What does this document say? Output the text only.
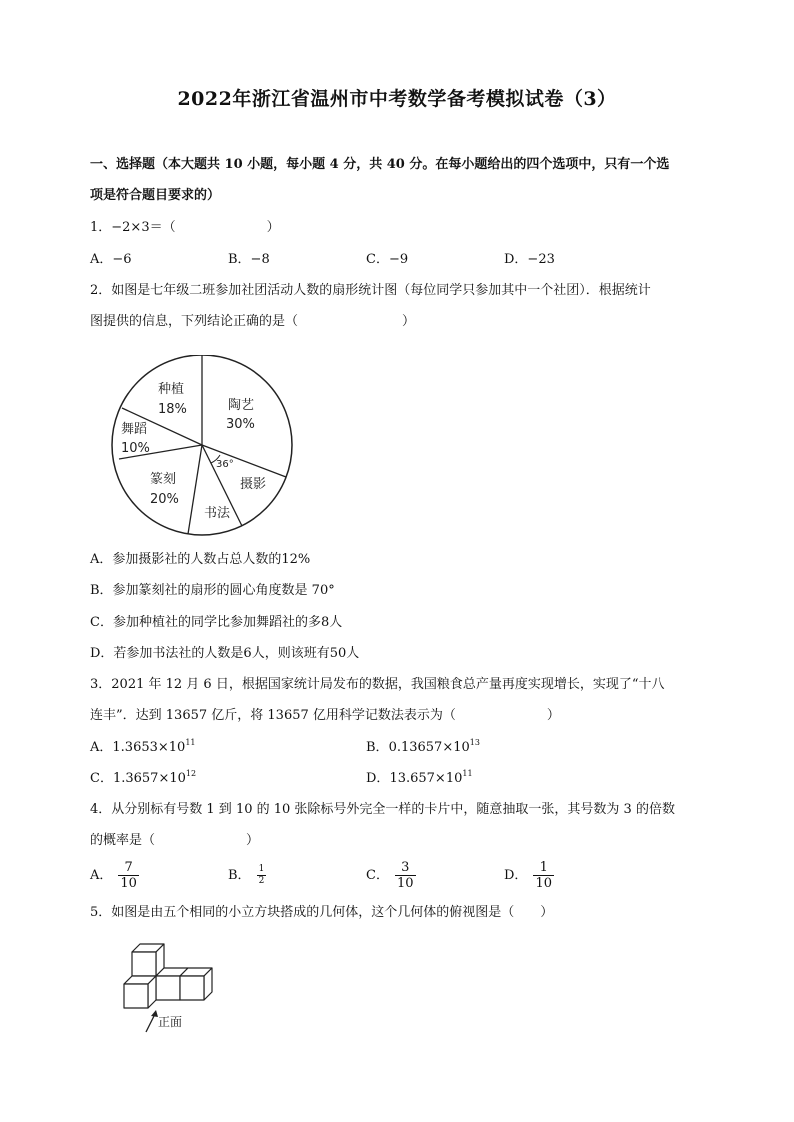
2022年浙江省温州市中考数学备考模拟试卷（3）
一、选择题（本大题共 10 小题，每小题 4 分，共 40 分。在每小题给出的四个选项中，只有一个选
项是符合题目要求的）
1．−2×3＝（　　　　　　　）
A．−6	B．−8	C．−9	D．−23
2．如图是七年级二班参加社团活动人数的扇形统计图（每位同学只参加其中一个社团）．根据统计
图提供的信息，下列结论正确的是（　　　　　　　　）
陶艺
30%
种植
18%
舞蹈
10%
篆刻
20%
书法
摄影
36°
A．参加摄影社的人数占总人数的12%
B．参加篆刻社的扇形的圆心角度数是 70°
C．参加种植社的同学比参加舞蹈社的多8人
D．若参加书法社的人数是6人，则该班有50人
3．2021 年 12 月 6 日，根据国家统计局发布的数据，我国粮食总产量再度实现增长，实现了“十八
连丰”．达到 13657 亿斤，将 13657 亿用科学记数法表示为（　　　　　　　）
A．$1.3653\times 10^{11}$	B．$0.13657\times 10^{13}$
C．$1.3657\times 10^{12}$	D．$13.657\times 10^{11}$
4．从分别标有号数 1 到 10 的 10 张除标号外完全一样的卡片中，随意抽取一张，其号数为 3 的倍数
的概率是（　　　　　　　）
A． $\frac{7}{10}$	B． $\frac{1}{2}$	C． $\frac{3}{10}$	D． $\frac{1}{10}$
5．如图是由五个相同的小立方块搭成的几何体，这个几何体的俯视图是（　　）
正面
